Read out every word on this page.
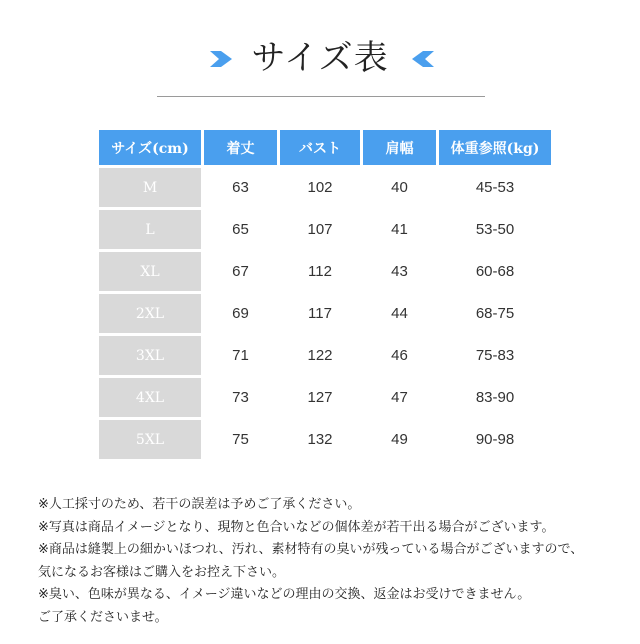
サイズ表
サイズ(cm)	着丈	バスト	肩幅	体重参照(kg)
M	63	102	40	45-53
L	65	107	41	53-50
XL	67	112	43	60-68
2XL	69	117	44	68-75
3XL	71	122	46	75-83
4XL	73	127	47	83-90
5XL	75	132	49	90-98
※人工採寸のため、若干の誤差は予めご了承ください。
※写真は商品イメージとなり、現物と色合いなどの個体差が若干出る場合がございます。
※商品は縫製上の細かいほつれ、汚れ、素材特有の臭いが残っている場合がございますので、
気になるお客様はご購入をお控え下さい。
※臭い、色味が異なる、イメージ違いなどの理由の交換、返金はお受けできません。
ご了承くださいませ。
